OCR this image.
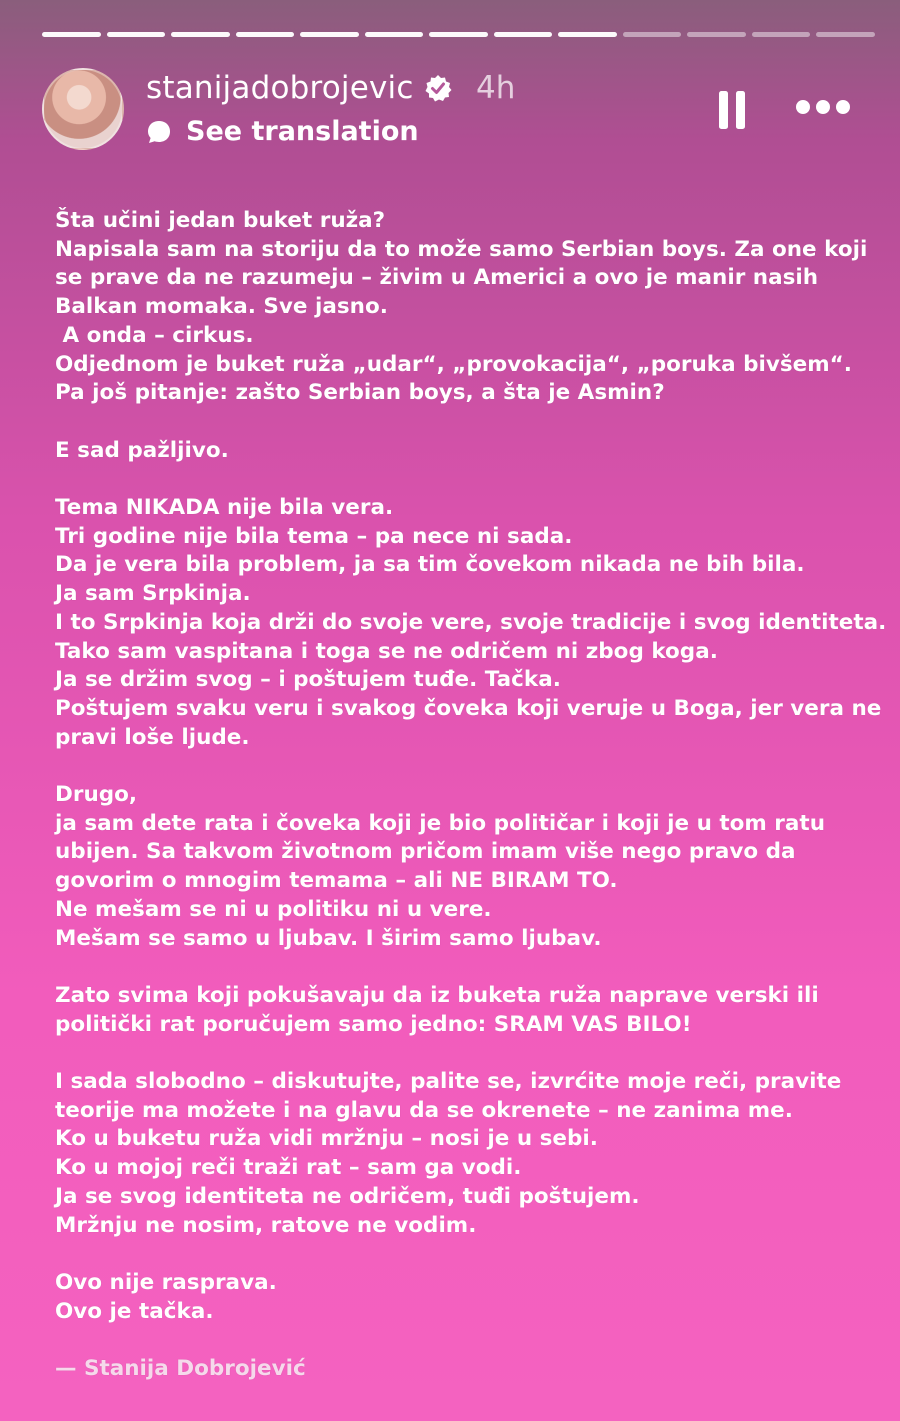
stanijadobrojevic 4h
See translation

Šta učini jedan buket ruža?

Napisala sam na storiju da to može samo Serbian boys. Za one koji

se prave da ne razumeju – živim u Americi a ovo je manir nasih

Balkan momaka. Sve jasno.

A onda – cirkus.

Odjednom je buket ruža „udar“, „provokacija“, „poruka bivšem“.

Pa još pitanje: zašto Serbian boys, a šta je Asmin?

E sad pažljivo.

Tema NIKADA nije bila vera.

Tri godine nije bila tema – pa nece ni sada.

Da je vera bila problem, ja sa tim čovekom nikada ne bih bila.

Ja sam Srpkinja.

I to Srpkinja koja drži do svoje vere, svoje tradicije i svog identiteta.

Tako sam vaspitana i toga se ne odričem ni zbog koga.

Ja se držim svog – i poštujem tuđe. Tačka.

Poštujem svaku veru i svakog čoveka koji veruje u Boga, jer vera ne

pravi loše ljude.

Drugo,

ja sam dete rata i čoveka koji je bio političar i koji je u tom ratu

ubijen. Sa takvom životnom pričom imam više nego pravo da

govorim o mnogim temama – ali NE BIRAM TO.

Ne mešam se ni u politiku ni u vere.

Mešam se samo u ljubav. I širim samo ljubav.

Zato svima koji pokušavaju da iz buketa ruža naprave verski ili

politički rat poručujem samo jedno: SRAM VAS BILO!

I sada slobodno – diskutujte, palite se, izvrćite moje reči, pravite

teorije ma možete i na glavu da se okrenete – ne zanima me.

Ko u buketu ruža vidi mržnju – nosi je u sebi.

Ko u mojoj reči traži rat – sam ga vodi.

Ja se svog identiteta ne odričem, tuđi poštujem.

Mržnju ne nosim, ratove ne vodim.

Ovo nije rasprava.

Ovo je tačka.

— Stanija Dobrojević
